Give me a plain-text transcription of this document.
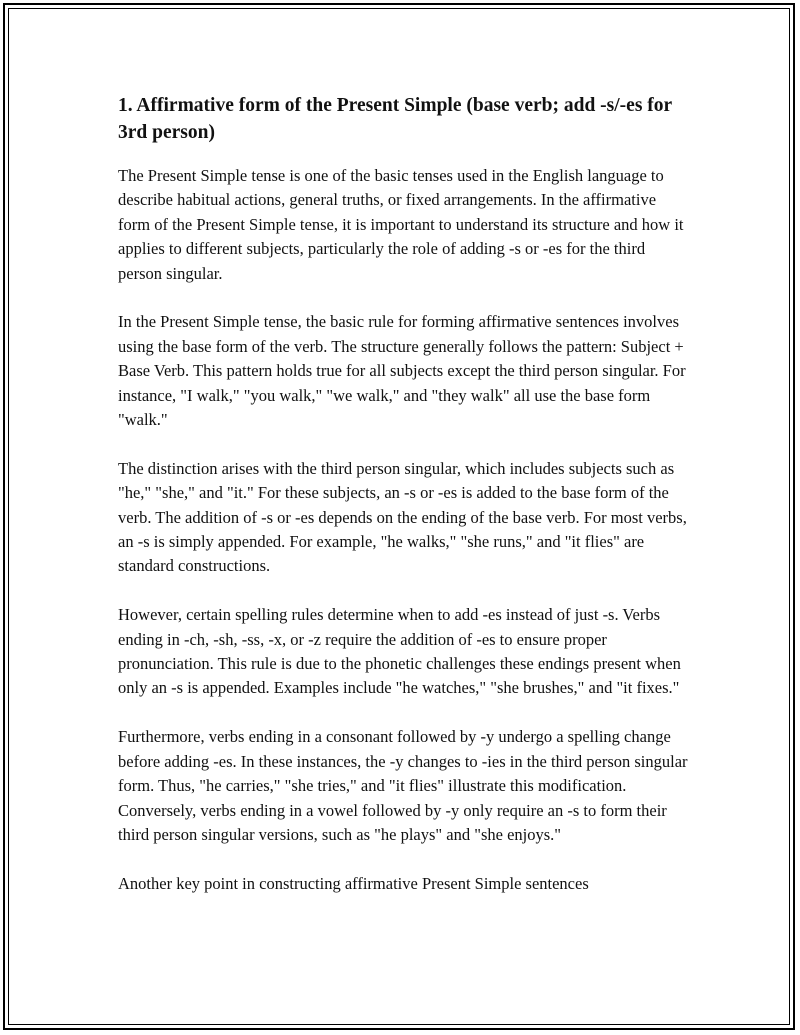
1. Affirmative form of the Present Simple (base verb; add -s/-es for 3rd person)

The Present Simple tense is one of the basic tenses used in the English language to describe habitual actions, general truths, or fixed arrangements. In the affirmative form of the Present Simple tense, it is important to understand its structure and how it applies to different subjects, particularly the role of adding -s or -es for the third person singular.

In the Present Simple tense, the basic rule for forming affirmative sentences involves using the base form of the verb. The structure generally follows the pattern: Subject + Base Verb. This pattern holds true for all subjects except the third person singular. For instance, "I walk," "you walk," "we walk," and "they walk" all use the base form "walk."

The distinction arises with the third person singular, which includes subjects such as "he," "she," and "it." For these subjects, an -s or -es is added to the base form of the verb. The addition of -s or -es depends on the ending of the base verb. For most verbs, an -s is simply appended. For example, "he walks," "she runs," and "it flies" are standard constructions.

However, certain spelling rules determine when to add -es instead of just -s. Verbs ending in -ch, -sh, -ss, -x, or -z require the addition of -es to ensure proper pronunciation. This rule is due to the phonetic challenges these endings present when only an -s is appended. Examples include "he watches," "she brushes," and "it fixes."

Furthermore, verbs ending in a consonant followed by -y undergo a spelling change before adding -es. In these instances, the -y changes to -ies in the third person singular form. Thus, "he carries," "she tries," and "it flies" illustrate this modification. Conversely, verbs ending in a vowel followed by -y only require an -s to form their third person singular versions, such as "he plays" and "she enjoys."

Another key point in constructing affirmative Present Simple sentences
